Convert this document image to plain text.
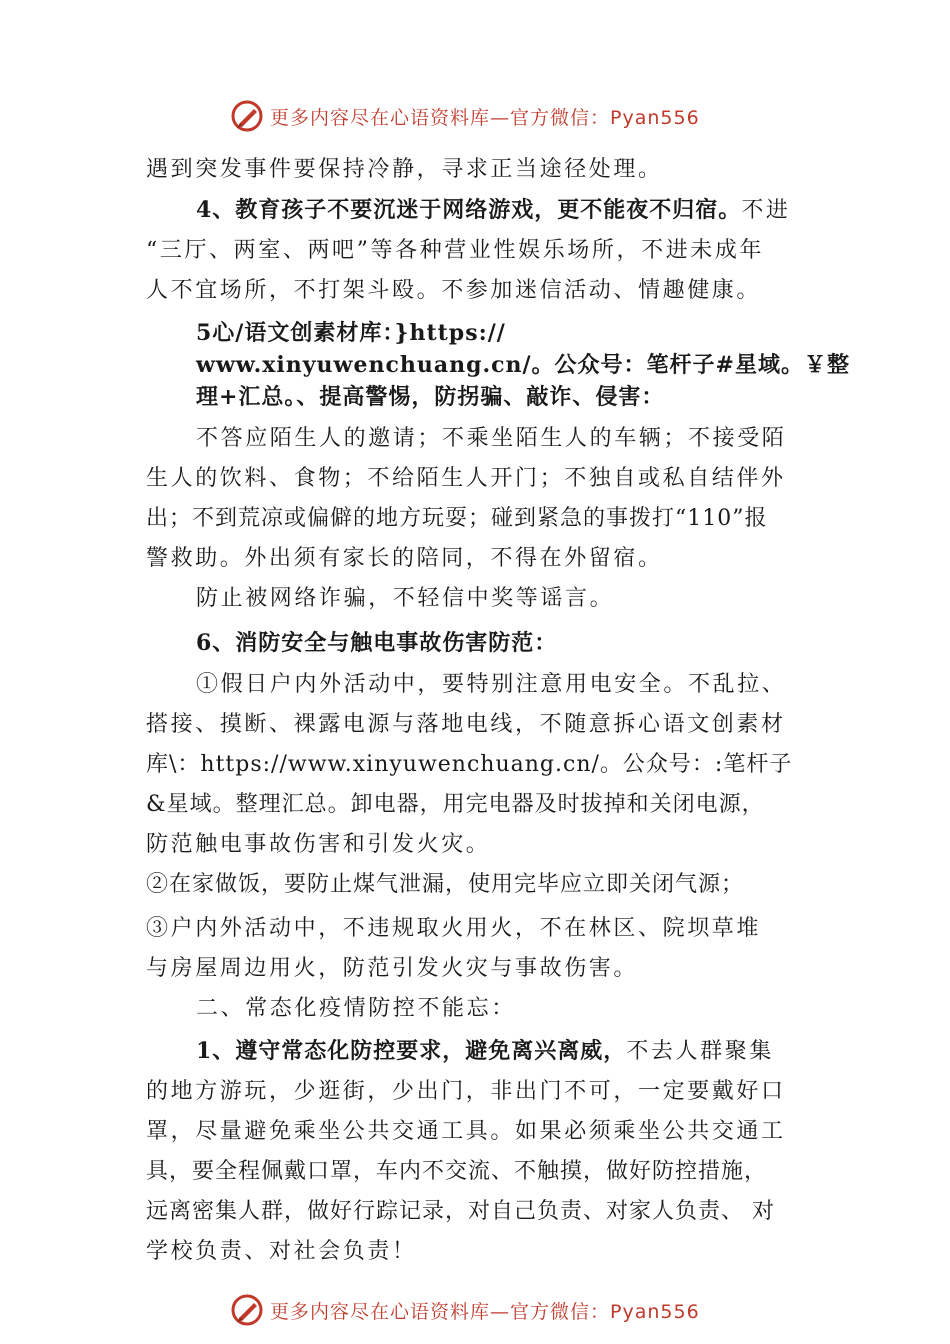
更多内容尽在心语资料库—官方微信：Pyan556

遇到突发事件要保持冷静，寻求正当途径处理。

4、教育孩子不要沉迷于网络游戏，更不能夜不归宿。不进

“三厅、两室、两吧”等各种营业性娱乐场所，不进未成年

人不宜场所，不打架斗殴。不参加迷信活动、情趣健康。

5心/语文创素材库：}https://

www.xinyuwenchuang.cn/。公众号：笔杆子#星域。￥整

理+汇总。、提高警惕，防拐骗、敲诈、侵害：

不答应陌生人的邀请；不乘坐陌生人的车辆；不接受陌

生人的饮料、食物；不给陌生人开门；不独自或私自结伴外

出；不到荒凉或偏僻的地方玩耍；碰到紧急的事拨打“110”报

警救助。外出须有家长的陪同，不得在外留宿。

防止被网络诈骗，不轻信中奖等谣言。

6、消防安全与触电事故伤害防范：

①假日户内外活动中，要特别注意用电安全。不乱拉、

搭接、摸断、裸露电源与落地电线，不随意拆心语文创素材

库\：https://www.xinyuwenchuang.cn/。公众号：:笔杆子

&星域。整理汇总。卸电器，用完电器及时拔掉和关闭电源，

防范触电事故伤害和引发火灾。

②在家做饭，要防止煤气泄漏，使用完毕应立即关闭气源；

③户内外活动中，不违规取火用火，不在林区、院坝草堆

与房屋周边用火，防范引发火灾与事故伤害。

二、常态化疫情防控不能忘：

1、遵守常态化防控要求，避免离兴离威，不去人群聚集

的地方游玩，少逛街，少出门，非出门不可，一定要戴好口

罩，尽量避免乘坐公共交通工具。如果必须乘坐公共交通工

具，要全程佩戴口罩，车内不交流、不触摸，做好防控措施，

远离密集人群，做好行踪记录，对自己负责、对家人负责、 对

学校负责、对社会负责！

更多内容尽在心语资料库—官方微信：Pyan556
